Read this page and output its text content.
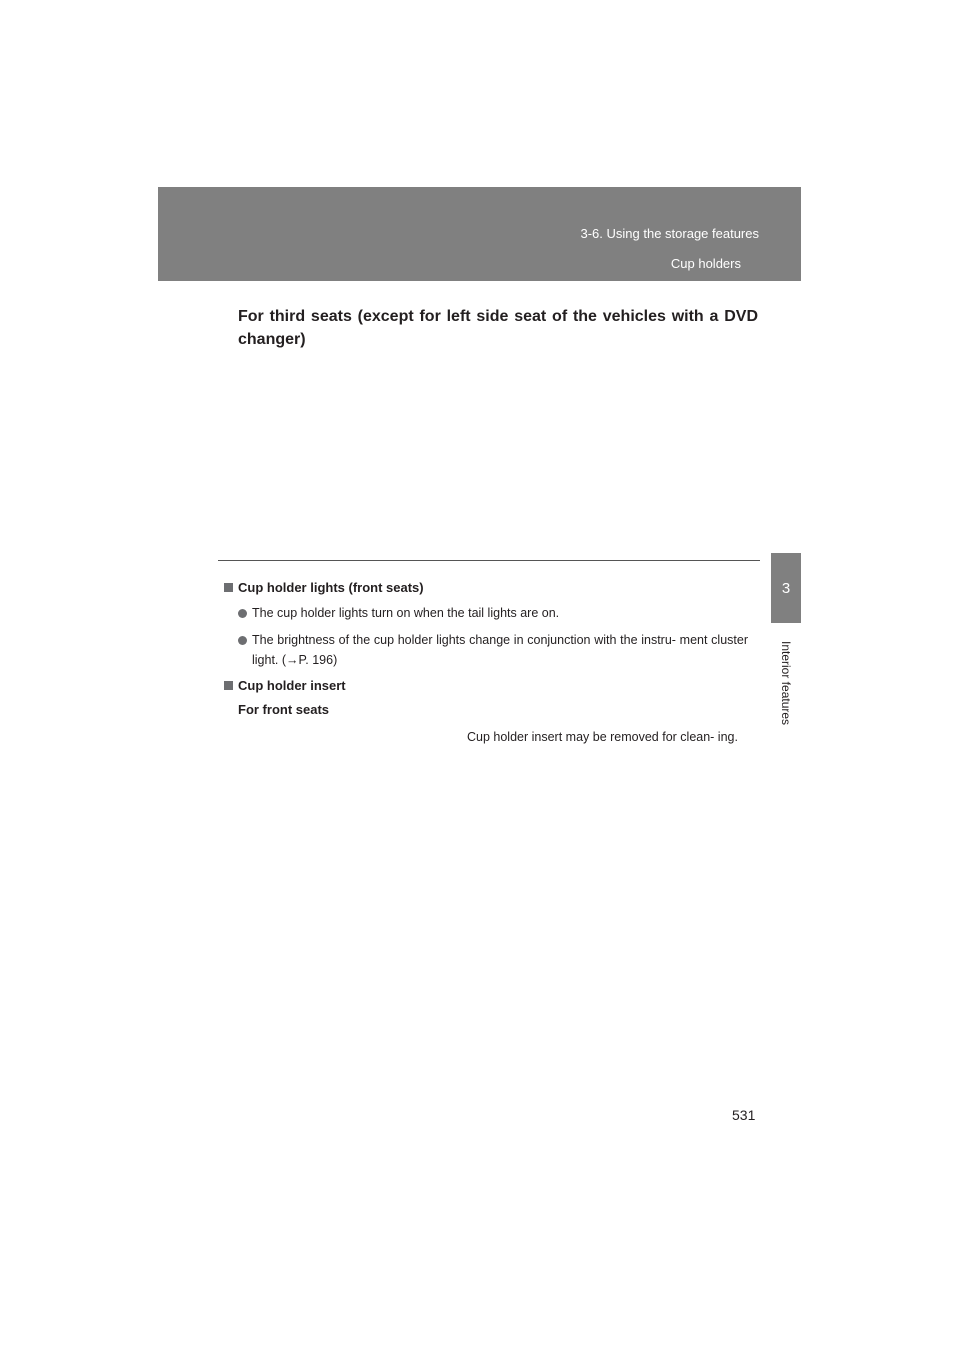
3-6. Using the storage features
Cup holders
3
Interior features
For third seats (except for left side seat of the vehicles with a DVD changer)
Cup holder lights (front seats)
The cup holder lights turn on when the tail lights are on.
The brightness of the cup holder lights change in conjunction with the instru- ment cluster light. (→P. 196)
Cup holder insert
For front seats
Cup holder insert may be removed for clean- ing.
531
